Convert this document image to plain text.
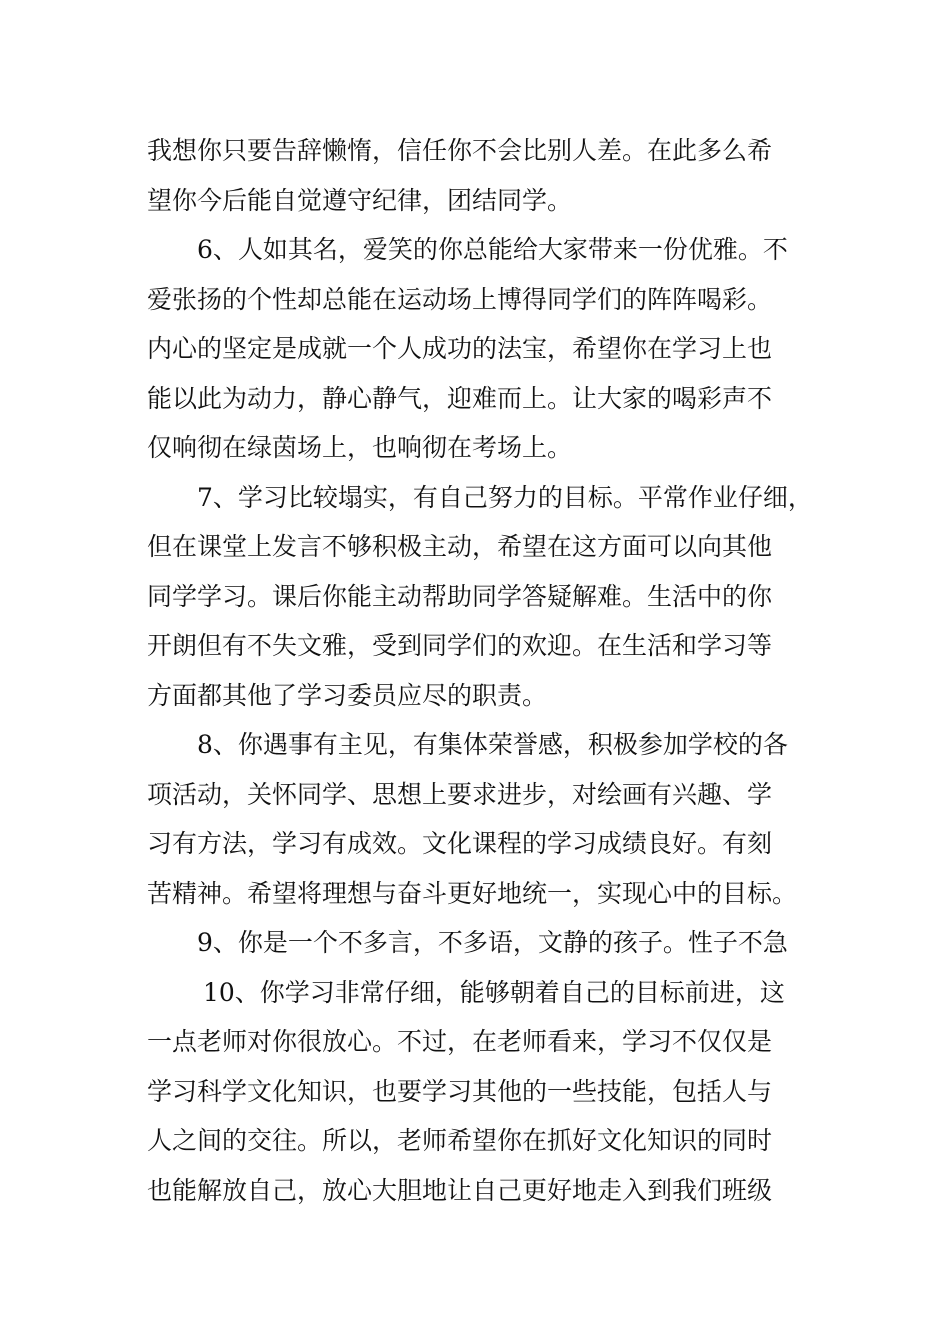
我想你只要告辞懒惰，信任你不会比别人差。在此多么希
望你今后能自觉遵守纪律，团结同学。
6、人如其名，爱笑的你总能给大家带来一份优雅。不
爱张扬的个性却总能在运动场上博得同学们的阵阵喝彩。
内心的坚定是成就一个人成功的法宝，希望你在学习上也
能以此为动力，静心静气，迎难而上。让大家的喝彩声不
仅响彻在绿茵场上，也响彻在考场上。
7、学习比较塌实，有自己努力的目标。平常作业仔细，
但在课堂上发言不够积极主动，希望在这方面可以向其他
同学学习。课后你能主动帮助同学答疑解难。生活中的你
开朗但有不失文雅，受到同学们的欢迎。在生活和学习等
方面都其他了学习委员应尽的职责。
8、你遇事有主见，有集体荣誉感，积极参加学校的各
项活动，关怀同学、思想上要求进步，对绘画有兴趣、学
习有方法，学习有成效。文化课程的学习成绩良好。有刻
苦精神。希望将理想与奋斗更好地统一，实现心中的目标。
9、你是一个不多言，不多语，文静的孩子。性子不急
10、你学习非常仔细，能够朝着自己的目标前进，这
一点老师对你很放心。不过，在老师看来，学习不仅仅是
学习科学文化知识，也要学习其他的一些技能，包括人与
人之间的交往。所以，老师希望你在抓好文化知识的同时
也能解放自己，放心大胆地让自己更好地走入到我们班级
